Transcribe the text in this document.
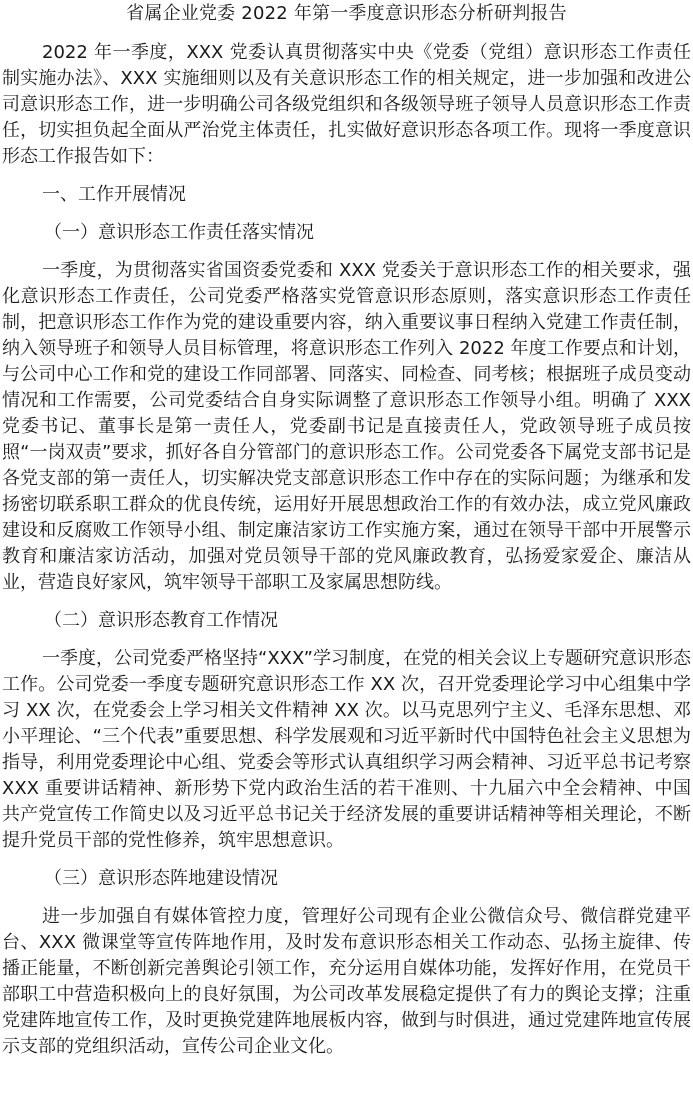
省属企业党委 2022 年第一季度意识形态分析研判报告

2022 年一季度，XXX 党委认真贯彻落实中央《党委（党组）意识形态工作责任制实施办法》、XXX 实施细则以及有关意识形态工作的相关规定，进一步加强和改进公司意识形态工作，进一步明确公司各级党组织和各级领导班子领导人员意识形态工作责任，切实担负起全面从严治党主体责任，扎实做好意识形态各项工作。现将一季度意识形态工作报告如下：

一、工作开展情况
（一）意识形态工作责任落实情况

一季度，为贯彻落实省国资委党委和 XXX 党委关于意识形态工作的相关要求，强化意识形态工作责任，公司党委严格落实党管意识形态原则，落实意识形态工作责任制，把意识形态工作作为党的建设重要内容，纳入重要议事日程纳入党建工作责任制，纳入领导班子和领导人员目标管理，将意识形态工作列入 2022 年度工作要点和计划，与公司中心工作和党的建设工作同部署、同落实、同检查、同考核；根据班子成员变动情况和工作需要，公司党委结合自身实际调整了意识形态工作领导小组。明确了 XXX 党委书记、董事长是第一责任人，党委副书记是直接责任人，党政领导班子成员按照“一岗双责”要求，抓好各自分管部门的意识形态工作。公司党委各下属党支部书记是各党支部的第一责任人，切实解决党支部意识形态工作中存在的实际问题；为继承和发扬密切联系职工群众的优良传统，运用好开展思想政治工作的有效办法，成立党风廉政建设和反腐败工作领导小组、制定廉洁家访工作实施方案，通过在领导干部中开展警示教育和廉洁家访活动，加强对党员领导干部的党风廉政教育，弘扬爱家爱企、廉洁从业，营造良好家风，筑牢领导干部职工及家属思想防线。

（二）意识形态教育工作情况

一季度，公司党委严格坚持“XXX”学习制度，在党的相关会议上专题研究意识形态工作。公司党委一季度专题研究意识形态工作 XX 次，召开党委理论学习中心组集中学习 XX 次，在党委会上学习相关文件精神 XX 次。以马克思列宁主义、毛泽东思想、邓小平理论、“三个代表”重要思想、科学发展观和习近平新时代中国特色社会主义思想为指导，利用党委理论中心组、党委会等形式认真组织学习两会精神、习近平总书记考察 XXX 重要讲话精神、新形势下党内政治生活的若干准则、十九届六中全会精神、中国共产党宣传工作简史以及习近平总书记关于经济发展的重要讲话精神等相关理论，不断提升党员干部的党性修养，筑牢思想意识。

（三）意识形态阵地建设情况

进一步加强自有媒体管控力度，管理好公司现有企业公微信众号、微信群党建平台、XXX 微课堂等宣传阵地作用，及时发布意识形态相关工作动态、弘扬主旋律、传播正能量，不断创新完善舆论引领工作，充分运用自媒体功能，发挥好作用，在党员干部职工中营造积极向上的良好氛围，为公司改革发展稳定提供了有力的舆论支撑；注重党建阵地宣传工作，及时更换党建阵地展板内容，做到与时俱进，通过党建阵地宣传展示支部的党组织活动，宣传公司企业文化。
